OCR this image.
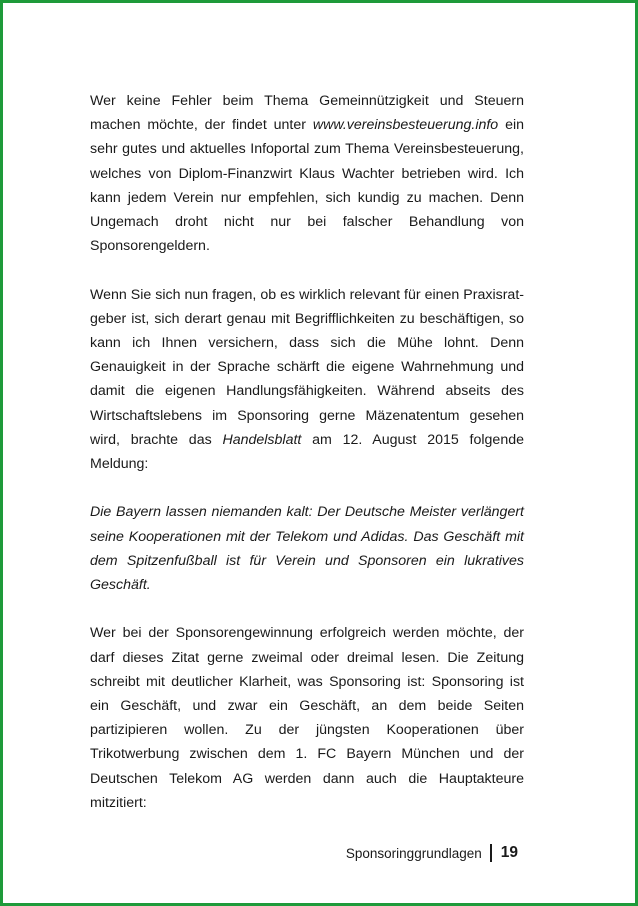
Wer keine Fehler beim Thema Gemeinnützigkeit und Steuern machen möchte, der findet unter www.vereinsbesteuerung.info ein sehr gutes und aktuelles Infoportal zum Thema Vereinsbesteuerung, welches von Diplom-Finanzwirt Klaus Wachter betrieben wird. Ich kann jedem Verein nur empfehlen, sich kundig zu machen. Denn Ungemach droht nicht nur bei falscher Behandlung von Sponsorengeldern.

Wenn Sie sich nun fragen, ob es wirklich relevant für einen Praxisratgeber ist, sich derart genau mit Begrifflichkeiten zu beschäftigen, so kann ich Ihnen versichern, dass sich die Mühe lohnt. Denn Genauigkeit in der Sprache schärft die eigene Wahrnehmung und damit die eigenen Handlungsfähigkeiten. Während abseits des Wirtschaftslebens im Sponsoring gerne Mäzenatentum gesehen wird, brachte das Handelsblatt am 12. August 2015 folgende Meldung:

Die Bayern lassen niemanden kalt: Der Deutsche Meister verlängert seine Kooperationen mit der Telekom und Adidas. Das Geschäft mit dem Spitzenfußball ist für Verein und Sponsoren ein lukratives Geschäft.

Wer bei der Sponsorengewinnung erfolgreich werden möchte, der darf dieses Zitat gerne zweimal oder dreimal lesen. Die Zeitung schreibt mit deutlicher Klarheit, was Sponsoring ist: Sponsoring ist ein Geschäft, und zwar ein Geschäft, an dem beide Seiten partizipieren wollen. Zu der jüngsten Kooperationen über Trikotwerbung zwischen dem 1. FC Bayern München und der Deutschen Telekom AG werden dann auch die Hauptakteure mitzitiert:

Sponsoringgrundlagen 19
